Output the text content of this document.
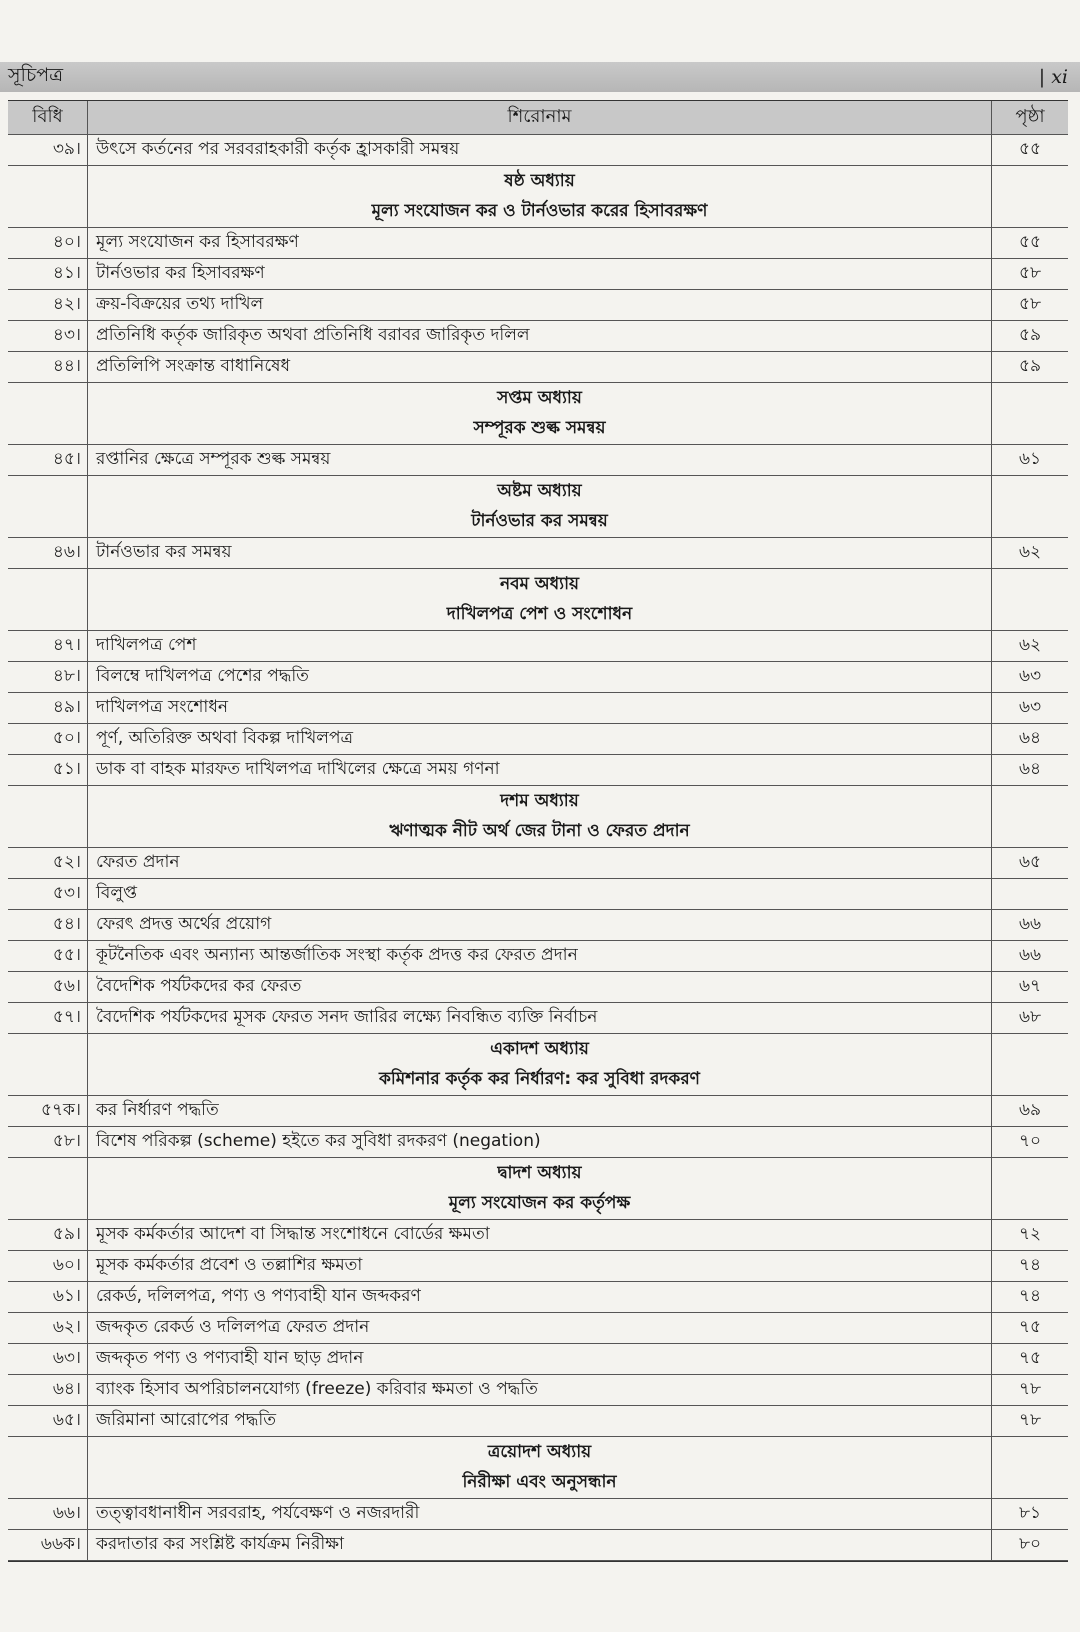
সূচিপত্র	| xi
বিধি	শিরোনাম	পৃষ্ঠা
৩৯। উৎসে কর্তনের পর সরবরাহকারী কর্তৃক হ্রাসকারী সমন্বয়	৫৫
ষষ্ঠ অধ্যায়
মূল্য সংযোজন কর ও টার্নওভার করের হিসাবরক্ষণ
৪০। মূল্য সংযোজন কর হিসাবরক্ষণ	৫৫
৪১। টার্নওভার কর হিসাবরক্ষণ	৫৮
৪২। ক্রয়-বিক্রয়ের তথ্য দাখিল	৫৮
৪৩। প্রতিনিধি কর্তৃক জারিকৃত অথবা প্রতিনিধি বরাবর জারিকৃত দলিল	৫৯
৪৪। প্রতিলিপি সংক্রান্ত বাধানিষেধ	৫৯
সপ্তম অধ্যায়
সম্পূরক শুল্ক সমন্বয়
৪৫। রপ্তানির ক্ষেত্রে সম্পূরক শুল্ক সমন্বয়	৬১
অষ্টম অধ্যায়
টার্নওভার কর সমন্বয়
৪৬। টার্নওভার কর সমন্বয়	৬২
নবম অধ্যায়
দাখিলপত্র পেশ ও সংশোধন
৪৭। দাখিলপত্র পেশ	৬২
৪৮। বিলম্বে দাখিলপত্র পেশের পদ্ধতি	৬৩
৪৯। দাখিলপত্র সংশোধন	৬৩
৫০। পূর্ণ, অতিরিক্ত অথবা বিকল্প দাখিলপত্র	৬৪
৫১। ডাক বা বাহক মারফত দাখিলপত্র দাখিলের ক্ষেত্রে সময় গণনা	৬৪
দশম অধ্যায়
ঋণাত্মক নীট অর্থ জের টানা ও ফেরত প্রদান
৫২। ফেরত প্রদান	৬৫
৫৩। বিলুপ্ত
৫৪। ফেরৎ প্রদত্ত অর্থের প্রয়োগ	৬৬
৫৫। কূটনৈতিক এবং অন্যান্য আন্তর্জাতিক সংস্থা কর্তৃক প্রদত্ত কর ফেরত প্রদান	৬৬
৫৬। বৈদেশিক পর্যটকদের কর ফেরত	৬৭
৫৭। বৈদেশিক পর্যটকদের মূসক ফেরত সনদ জারির লক্ষ্যে নিবন্ধিত ব্যক্তি নির্বাচন	৬৮
একাদশ অধ্যায়
কমিশনার কর্তৃক কর নির্ধারণ: কর সুবিধা রদকরণ
৫৭ক। কর নির্ধারণ পদ্ধতি	৬৯
৫৮। বিশেষ পরিকল্প (scheme) হইতে কর সুবিধা রদকরণ (negation)	৭০
দ্বাদশ অধ্যায়
মূল্য সংযোজন কর কর্তৃপক্ষ
৫৯। মূসক কর্মকর্তার আদেশ বা সিদ্ধান্ত সংশোধনে বোর্ডের ক্ষমতা	৭২
৬০। মূসক কর্মকর্তার প্রবেশ ও তল্লাশির ক্ষমতা	৭৪
৬১। রেকর্ড, দলিলপত্র, পণ্য ও পণ্যবাহী যান জব্দকরণ	৭৪
৬২। জব্দকৃত রেকর্ড ও দলিলপত্র ফেরত প্রদান	৭৫
৬৩। জব্দকৃত পণ্য ও পণ্যবাহী যান ছাড় প্রদান	৭৫
৬৪। ব্যাংক হিসাব অপরিচালনযোগ্য (freeze) করিবার ক্ষমতা ও পদ্ধতি	৭৮
৬৫। জরিমানা আরোপের পদ্ধতি	৭৮
ত্রয়োদশ অধ্যায়
নিরীক্ষা এবং অনুসন্ধান
৬৬। তত্ত্বাবধানাধীন সরবরাহ, পর্যবেক্ষণ ও নজরদারী	৮১
৬৬ক। করদাতার কর সংশ্লিষ্ট কার্যক্রম নিরীক্ষা	৮০
